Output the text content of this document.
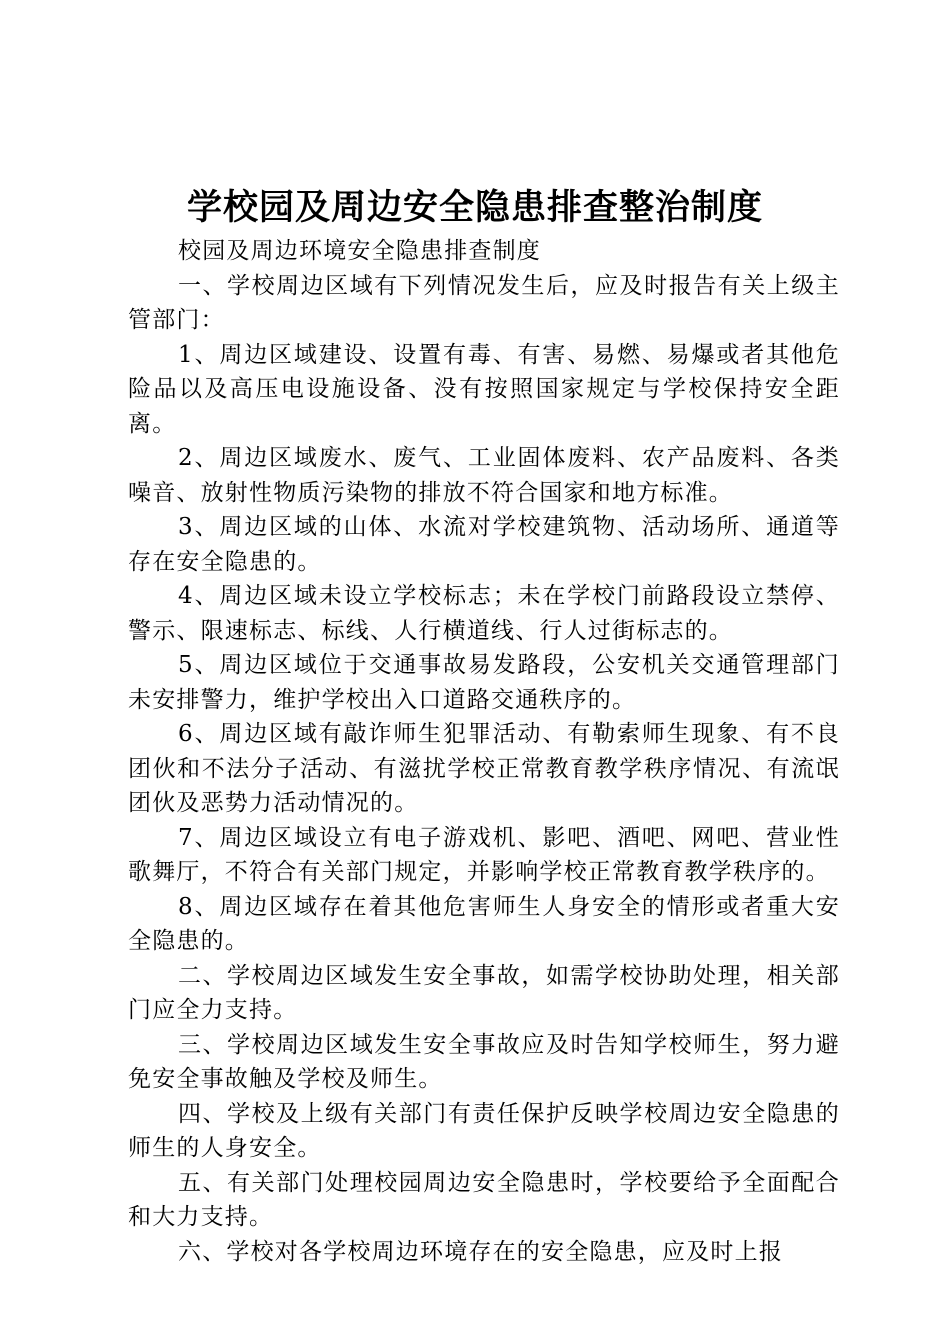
学校园及周边安全隐患排查整治制度

校园及周边环境安全隐患排查制度

一、学校周边区域有下列情况发生后，应及时报告有关上级主管部门：

1、周边区域建设、设置有毒、有害、易燃、易爆或者其他危险品以及高压电设施设备、没有按照国家规定与学校保持安全距离。

2、周边区域废水、废气、工业固体废料、农产品废料、各类噪音、放射性物质污染物的排放不符合国家和地方标准。

3、周边区域的山体、水流对学校建筑物、活动场所、通道等存在安全隐患的。

4、周边区域未设立学校标志；未在学校门前路段设立禁停、警示、限速标志、标线、人行横道线、行人过街标志的。

5、周边区域位于交通事故易发路段，公安机关交通管理部门未安排警力，维护学校出入口道路交通秩序的。

6、周边区域有敲诈师生犯罪活动、有勒索师生现象、有不良团伙和不法分子活动、有滋扰学校正常教育教学秩序情况、有流氓团伙及恶势力活动情况的。

7、周边区域设立有电子游戏机、影吧、酒吧、网吧、营业性歌舞厅，不符合有关部门规定，并影响学校正常教育教学秩序的。

8、周边区域存在着其他危害师生人身安全的情形或者重大安全隐患的。

二、学校周边区域发生安全事故，如需学校协助处理，相关部门应全力支持。

三、学校周边区域发生安全事故应及时告知学校师生，努力避免安全事故触及学校及师生。

四、学校及上级有关部门有责任保护反映学校周边安全隐患的师生的人身安全。

五、有关部门处理校园周边安全隐患时，学校要给予全面配合和大力支持。

六、学校对各学校周边环境存在的安全隐患，应及时上报
